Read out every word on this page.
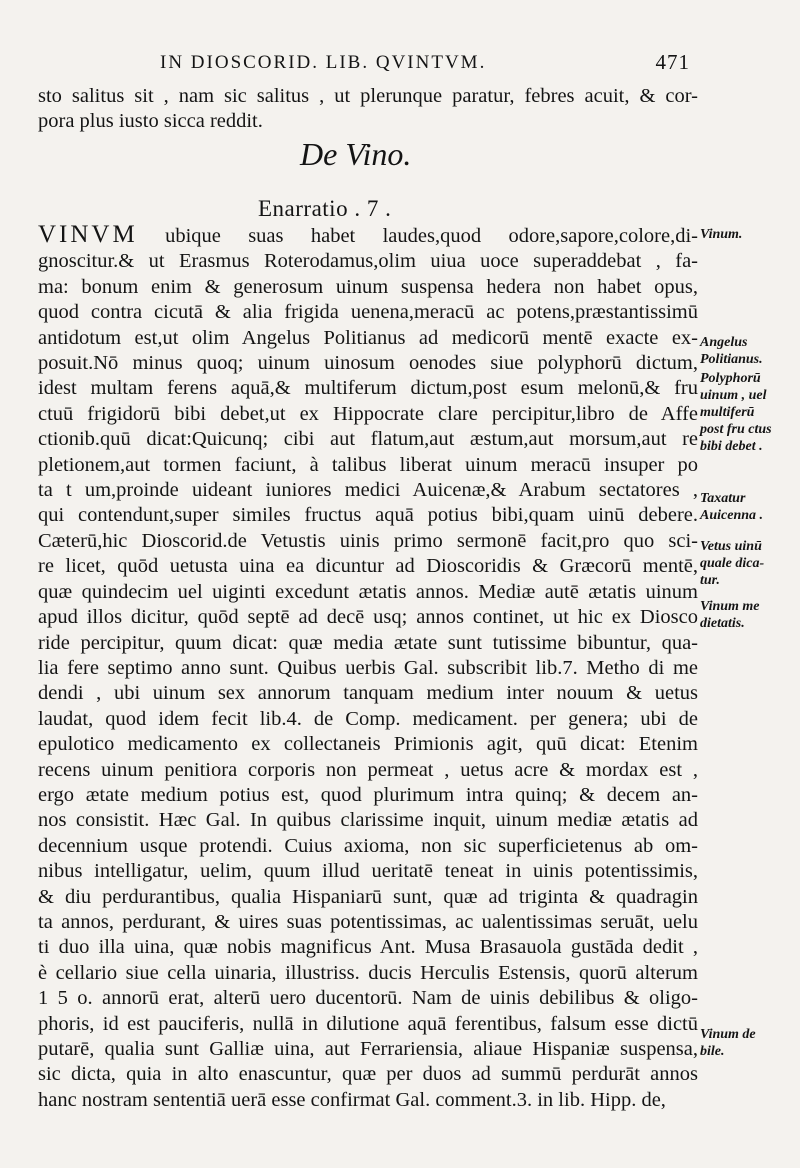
IN DIOSCORID. LIB. QVINTVM.	471
sto salitus sit , nam sic salitus , ut plerunque paratur, febres acuit, & cor-
pora plus iusto sicca reddit.
De Vino.
Enarratio . 7 .
VINVM ubique suas habet laudes,quod odore,sapore,colore,di-
gnoscitur.& ut Erasmus Roterodamus,olim uiua uoce superaddebat , fa-
ma: bonum enim & generosum uinum suspensa hedera non habet opus,
quod contra cicutā & alia frigida uenena,meracū ac potens,præstantissimū
antidotum est,ut olim Angelus Politianus ad medicorū mentē exacte ex-
posuit.Nō minus quoq; uinum uinosum oenodes siue polyphorū dictum,
idest multam ferens aquā,& multiferum dictum,post esum melonū,& fru
ctuū frigidorū bibi debet,ut ex Hippocrate clare percipitur,libro de Affe
ctionib.quū dicat:Quicunq; cibi aut flatum,aut æstum,aut morsum,aut re
pletionem,aut tormen faciunt, à talibus liberat uinum meracū insuper po
ta t um,proinde uideant iuniores medici Auicenæ,& Arabum sectatores ,
qui contendunt,super similes fructus aquā potius bibi,quam uinū debere.
Cæterū,hic Dioscorid.de Vetustis uinis primo sermonē facit,pro quo sci-
re licet, quōd uetusta uina ea dicuntur ad Dioscoridis & Græcorū mentē,
quæ quindecim uel uiginti excedunt ætatis annos. Mediæ autē ætatis uinum
apud illos dicitur, quōd septē ad decē usq; annos continet, ut hic ex Diosco
ride percipitur, quum dicat: quæ media ætate sunt tutissime bibuntur, qua-
lia fere septimo anno sunt. Quibus uerbis Gal. subscribit lib.7. Metho di me
dendi , ubi uinum sex annorum tanquam medium inter nouum & uetus
laudat, quod idem fecit lib.4. de Comp. medicament. per genera; ubi de
epulotico medicamento ex collectaneis Primionis agit, quū dicat: Etenim
recens uinum penitiora corporis non permeat , uetus acre & mordax est ,
ergo ætate medium potius est, quod plurimum intra quinq; & decem an-
nos consistit. Hæc Gal. In quibus clarissime inquit, uinum mediæ ætatis ad
decennium usque protendi. Cuius axioma, non sic superficietenus ab om-
nibus intelligatur, uelim, quum illud ueritatē teneat in uinis potentissimis,
& diu perdurantibus, qualia Hispaniarū sunt, quæ ad triginta & quadragin
ta annos, perdurant, & uires suas potentissimas, ac ualentissimas seruāt, uelu
ti duo illa uina, quæ nobis magnificus Ant. Musa Brasauola gustāda dedit ,
è cellario siue cella uinaria, illustriss. ducis Herculis Estensis, quorū alterum
1 5 o. annorū erat, alterū uero ducentorū. Nam de uinis debilibus & oligo-
phoris, id est pauciferis, nullā in dilutione aquā ferentibus, falsum esse dictū
putarē, qualia sunt Galliæ uina, aut Ferrariensia, aliaue Hispaniæ suspensa,
sic dicta, quia in alto enascuntur, quæ per duos ad summū perdurāt annos
hanc nostram sententiā uerā esse confirmat Gal. comment.3. in lib. Hipp. de,
Vinum.
Angelus Politianus.
Polyphorū uinum , uel multiferū post fru ctus bibi debet .
Taxatur Auicenna .
Vetus uinū quale dica- tur.
Vinum me dietatis.
Vinum de bile.
